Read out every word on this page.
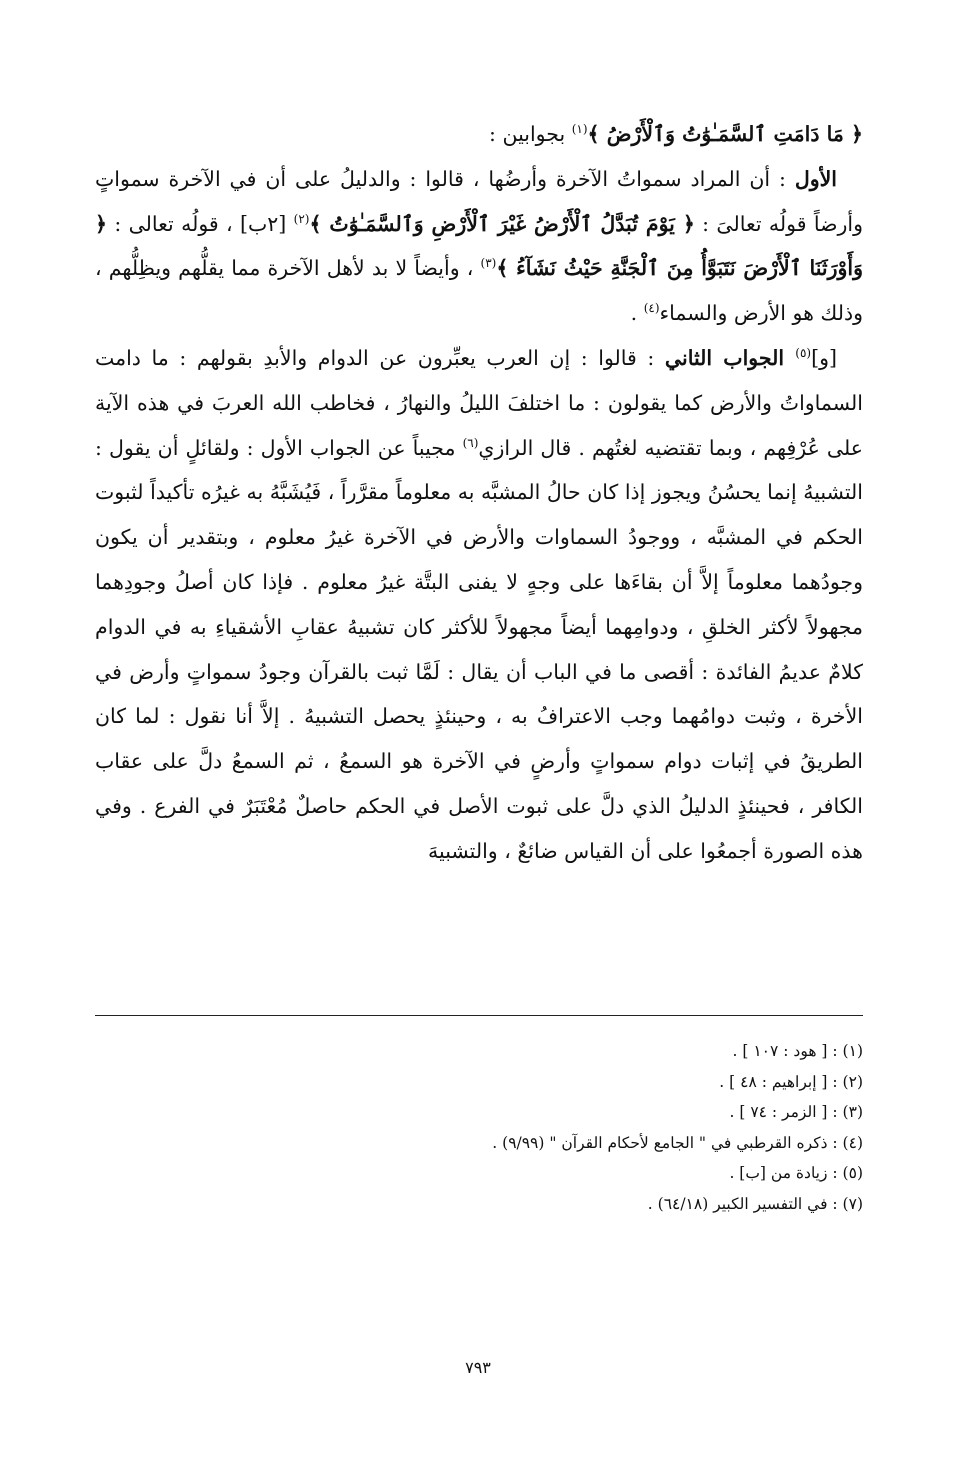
﴿ مَا دَامَتِ ٱلسَّمَـٰوَٰتُ وَٱلْأَرْضُ ﴾$^{(١)}$ بجوابين :

الأول : أن المراد سمواتُ الآخرة وأرضُها ، قالوا : والدليلُ على أن في الآخرة سمواتٍ وأرضاً قولُه تعالىَ : ﴿ يَوْمَ تُبَدَّلُ ٱلْأَرْضُ غَيْرَ ٱلْأَرْضِ وَٱلسَّمَـٰوَٰتُ ﴾$^{(٢)}$ [٢ب] ، قولُه تعالى : ﴿ وَأَوْرَثَنَا ٱلْأَرْضَ نَتَبَوَّأُ مِنَ ٱلْجَنَّةِ حَيْثُ نَشَآءُ ﴾$^{(٣)}$ ، وأيضاً لا بد لأهل الآخرة مما يقلُّهم ويظِلُّهم ، وذلك هو الأرض والسماء$^{(٤)}$ .

[و]$^{(٥)}$ الجواب الثاني : قالوا : إن العرب يعبِّرون عن الدوام والأبدِ بقولهم : ما دامت السماواتُ والأرض كما يقولون : ما اختلفَ الليلُ والنهارُ ، فخاطب الله العربَ في هذه الآية على عُرْفِهم ، وبما تقتضيه لغتُهم . قال الرازي$^{(٦)}$ مجيباً عن الجواب الأول : ولقائلٍ أن يقول : التشبيهُ إنما يحسُنُ ويجوز إذا كان حالُ المشبَّه به معلوماً مقرَّراً ، فَيُشَبَّهُ به غيرُه تأكيداً لثبوت الحكم في المشبَّه ، ووجودُ السماوات والأرض في الآخرة غيرُ معلوم ، وبتقدير أن يكون وجودُهما معلوماً إلاَّ أن بقاءَها على وجهٍ لا يفنى البتَّة غيرُ معلوم . فإذا كان أصلُ وجودِهما مجهولاً لأكثر الخلقِ ، ودوامِهما أيضاً مجهولاً للأكثر كان تشبيهُ عقابِ الأشقياءِ به في الدوام كلامٌ عديمُ الفائدة : أقصى ما في الباب أن يقال : لَمَّا ثبت بالقرآن وجودُ سمواتٍ وأرض في الأخرة ، وثبت دوامُهما وجب الاعترافُ به ، وحينئذٍ يحصل التشبيهُ . إلاَّ أنا نقول : لما كان الطريقُ في إثبات دوام سمواتٍ وأرضٍ في الآخرة هو السمعُ ، ثم السمعُ دلَّ على عقاب الكافر ، فحينئذٍ الدليلُ الذي دلَّ على ثبوت الأصل في الحكم حاصلٌ مُعْتَبَرٌ في الفرع . وفي هذه الصورة أجمعُوا على أن القياس ضائعٌ ، والتشبيهَ

(١) : [ هود : ١٠٧ ] .
(٢) : [ إبراهيم : ٤٨ ] .
(٣) : [ الزمر : ٧٤ ] .
(٤) : ذكره القرطبي في " الجامع لأحكام القرآن " (٩/٩٩) .
(٥) : زيادة من [ب] .
(٧) : في التفسير الكبير (٦٤/١٨) .
٧٩٣
